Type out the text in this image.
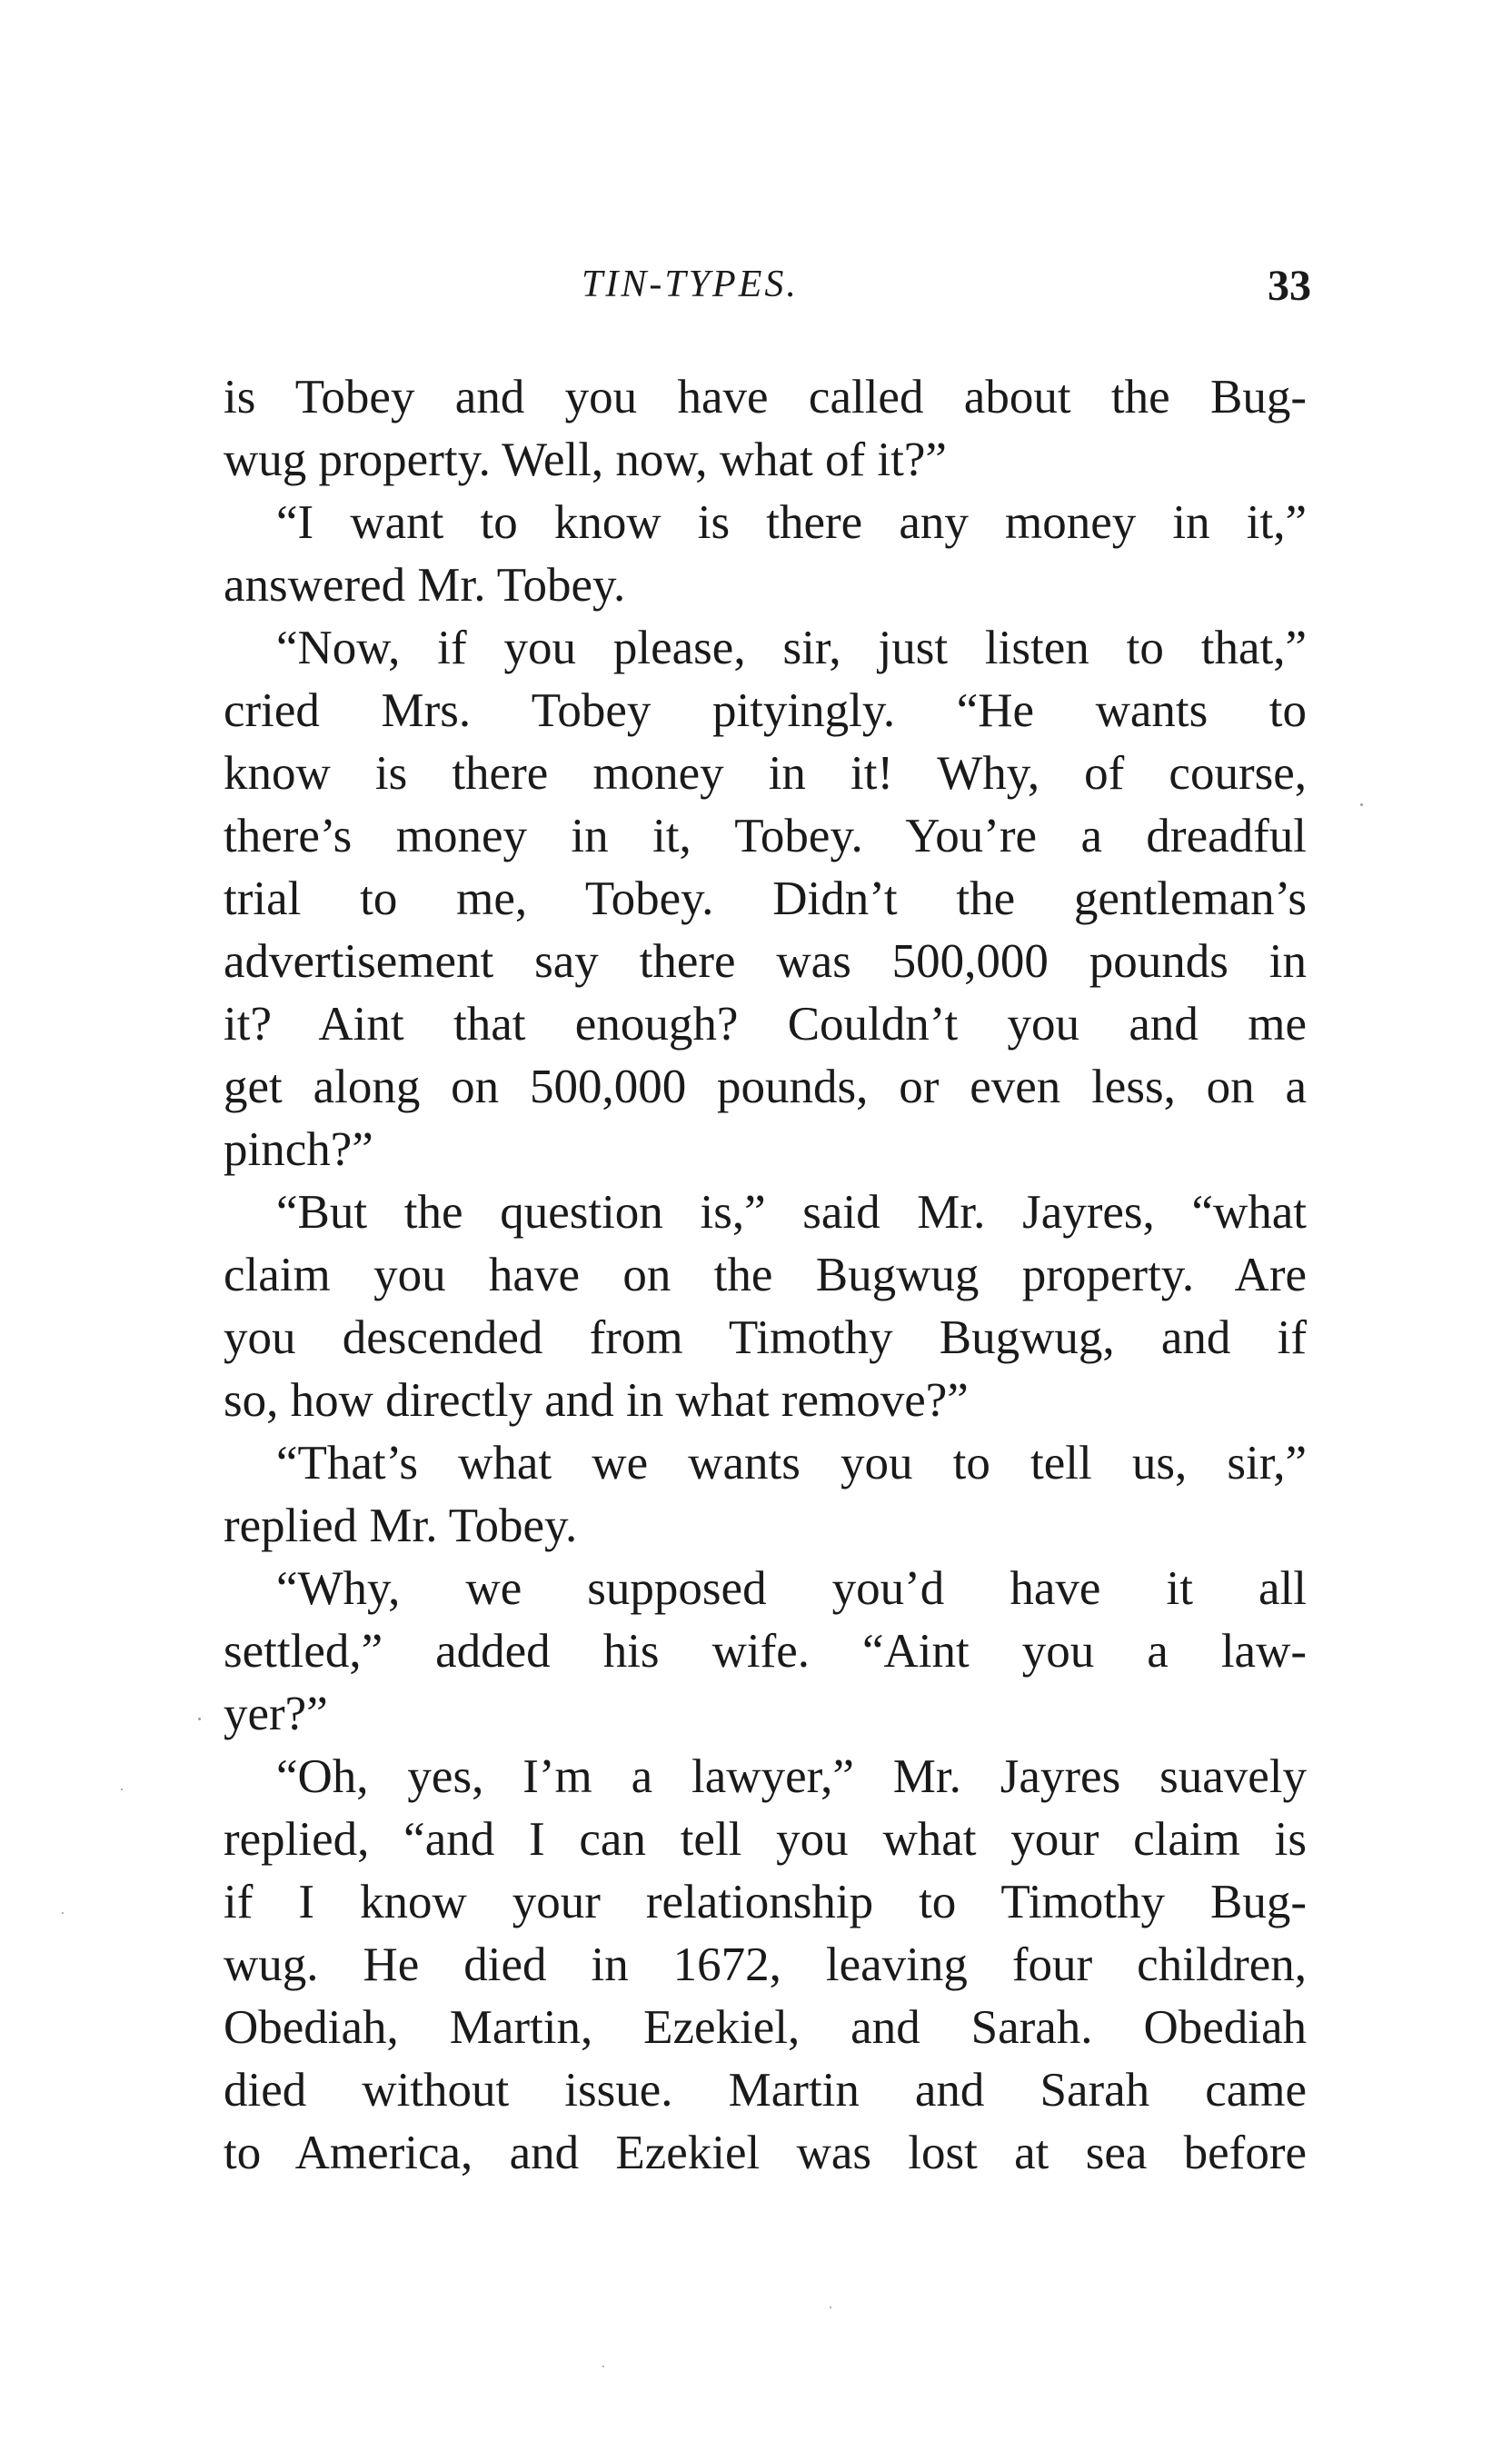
TIN-TYPES.	33
is Tobey and you have called about the Bug-
wug property. Well, now, what of it?”
“I want to know is there any money in it,”
answered Mr. Tobey.
“Now, if you please, sir, just listen to that,”
cried Mrs. Tobey pityingly. “He wants to
know is there money in it! Why, of course,
there’s money in it, Tobey. You’re a dreadful
trial to me, Tobey. Didn’t the gentleman’s
advertisement say there was 500,000 pounds in
it? Aint that enough? Couldn’t you and me
get along on 500,000 pounds, or even less, on a
pinch?”
“But the question is,” said Mr. Jayres, “what
claim you have on the Bugwug property. Are
you descended from Timothy Bugwug, and if
so, how directly and in what remove?”
“That’s what we wants you to tell us, sir,”
replied Mr. Tobey.
“Why, we supposed you’d have it all
settled,” added his wife. “Aint you a law-
yer?”
“Oh, yes, I’m a lawyer,” Mr. Jayres suavely
replied, “and I can tell you what your claim is
if I know your relationship to Timothy Bug-
wug. He died in 1672, leaving four children,
Obediah, Martin, Ezekiel, and Sarah. Obediah
died without issue. Martin and Sarah came
to America, and Ezekiel was lost at sea before
